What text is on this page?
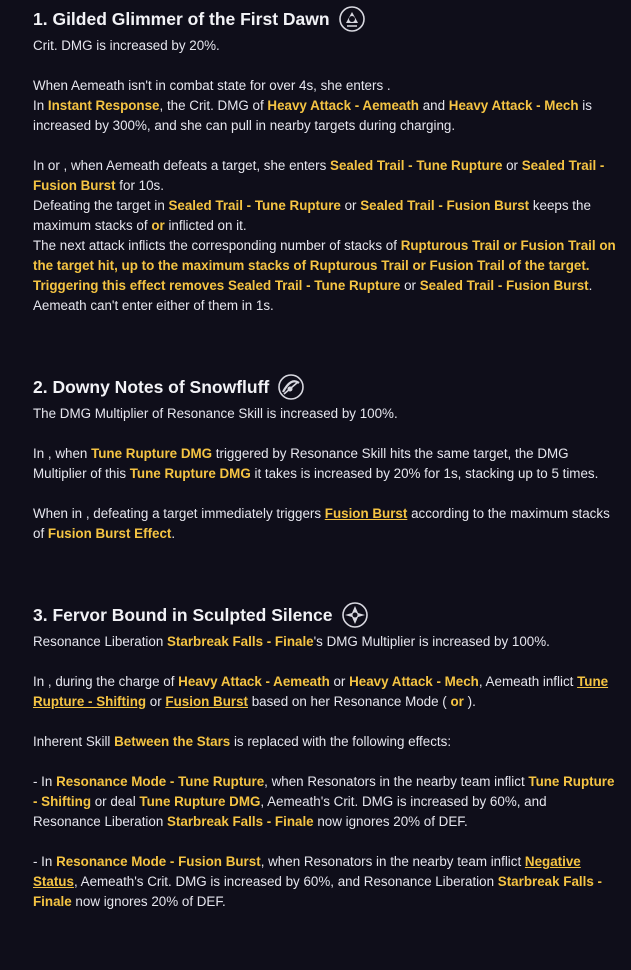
1. Gilded Glimmer of the First Dawn

Crit. DMG is increased by 20%.

When Aemeath isn't in combat state for over 4s, she enters .

In Instant Response, the Crit. DMG of Heavy Attack - Aemeath and Heavy Attack - Mech is increased by 300%, and she can pull in nearby targets during charging.

In or , when Aemeath defeats a target, she enters Sealed Trail - Tune Rupture or Sealed Trail - Fusion Burst for 10s.

Defeating the target in Sealed Trail - Tune Rupture or Sealed Trail - Fusion Burst keeps the maximum stacks of or inflicted on it.

The next attack inflicts the corresponding number of stacks of Rupturous Trail or Fusion Trail on the target hit, up to the maximum stacks of Rupturous Trail or Fusion Trail of the target. Triggering this effect removes Sealed Trail - Tune Rupture or Sealed Trail - Fusion Burst. Aemeath can't enter either of them in 1s.

2. Downy Notes of Snowfluff

The DMG Multiplier of Resonance Skill is increased by 100%.

In , when Tune Rupture DMG triggered by Resonance Skill hits the same target, the DMG Multiplier of this Tune Rupture DMG it takes is increased by 20% for 1s, stacking up to 5 times.

When in , defeating a target immediately triggers Fusion Burst according to the maximum stacks of Fusion Burst Effect.

3. Fervor Bound in Sculpted Silence

Resonance Liberation Starbreak Falls - Finale's DMG Multiplier is increased by 100%.

In , during the charge of Heavy Attack - Aemeath or Heavy Attack - Mech, Aemeath inflict Tune Rupture - Shifting or Fusion Burst based on her Resonance Mode ( or ).

Inherent Skill Between the Stars is replaced with the following effects:

- In Resonance Mode - Tune Rupture, when Resonators in the nearby team inflict Tune Rupture - Shifting or deal Tune Rupture DMG, Aemeath's Crit. DMG is increased by 60%, and Resonance Liberation Starbreak Falls - Finale now ignores 20% of DEF.

- In Resonance Mode - Fusion Burst, when Resonators in the nearby team inflict Negative Status, Aemeath's Crit. DMG is increased by 60%, and Resonance Liberation Starbreak Falls - Finale now ignores 20% of DEF.
